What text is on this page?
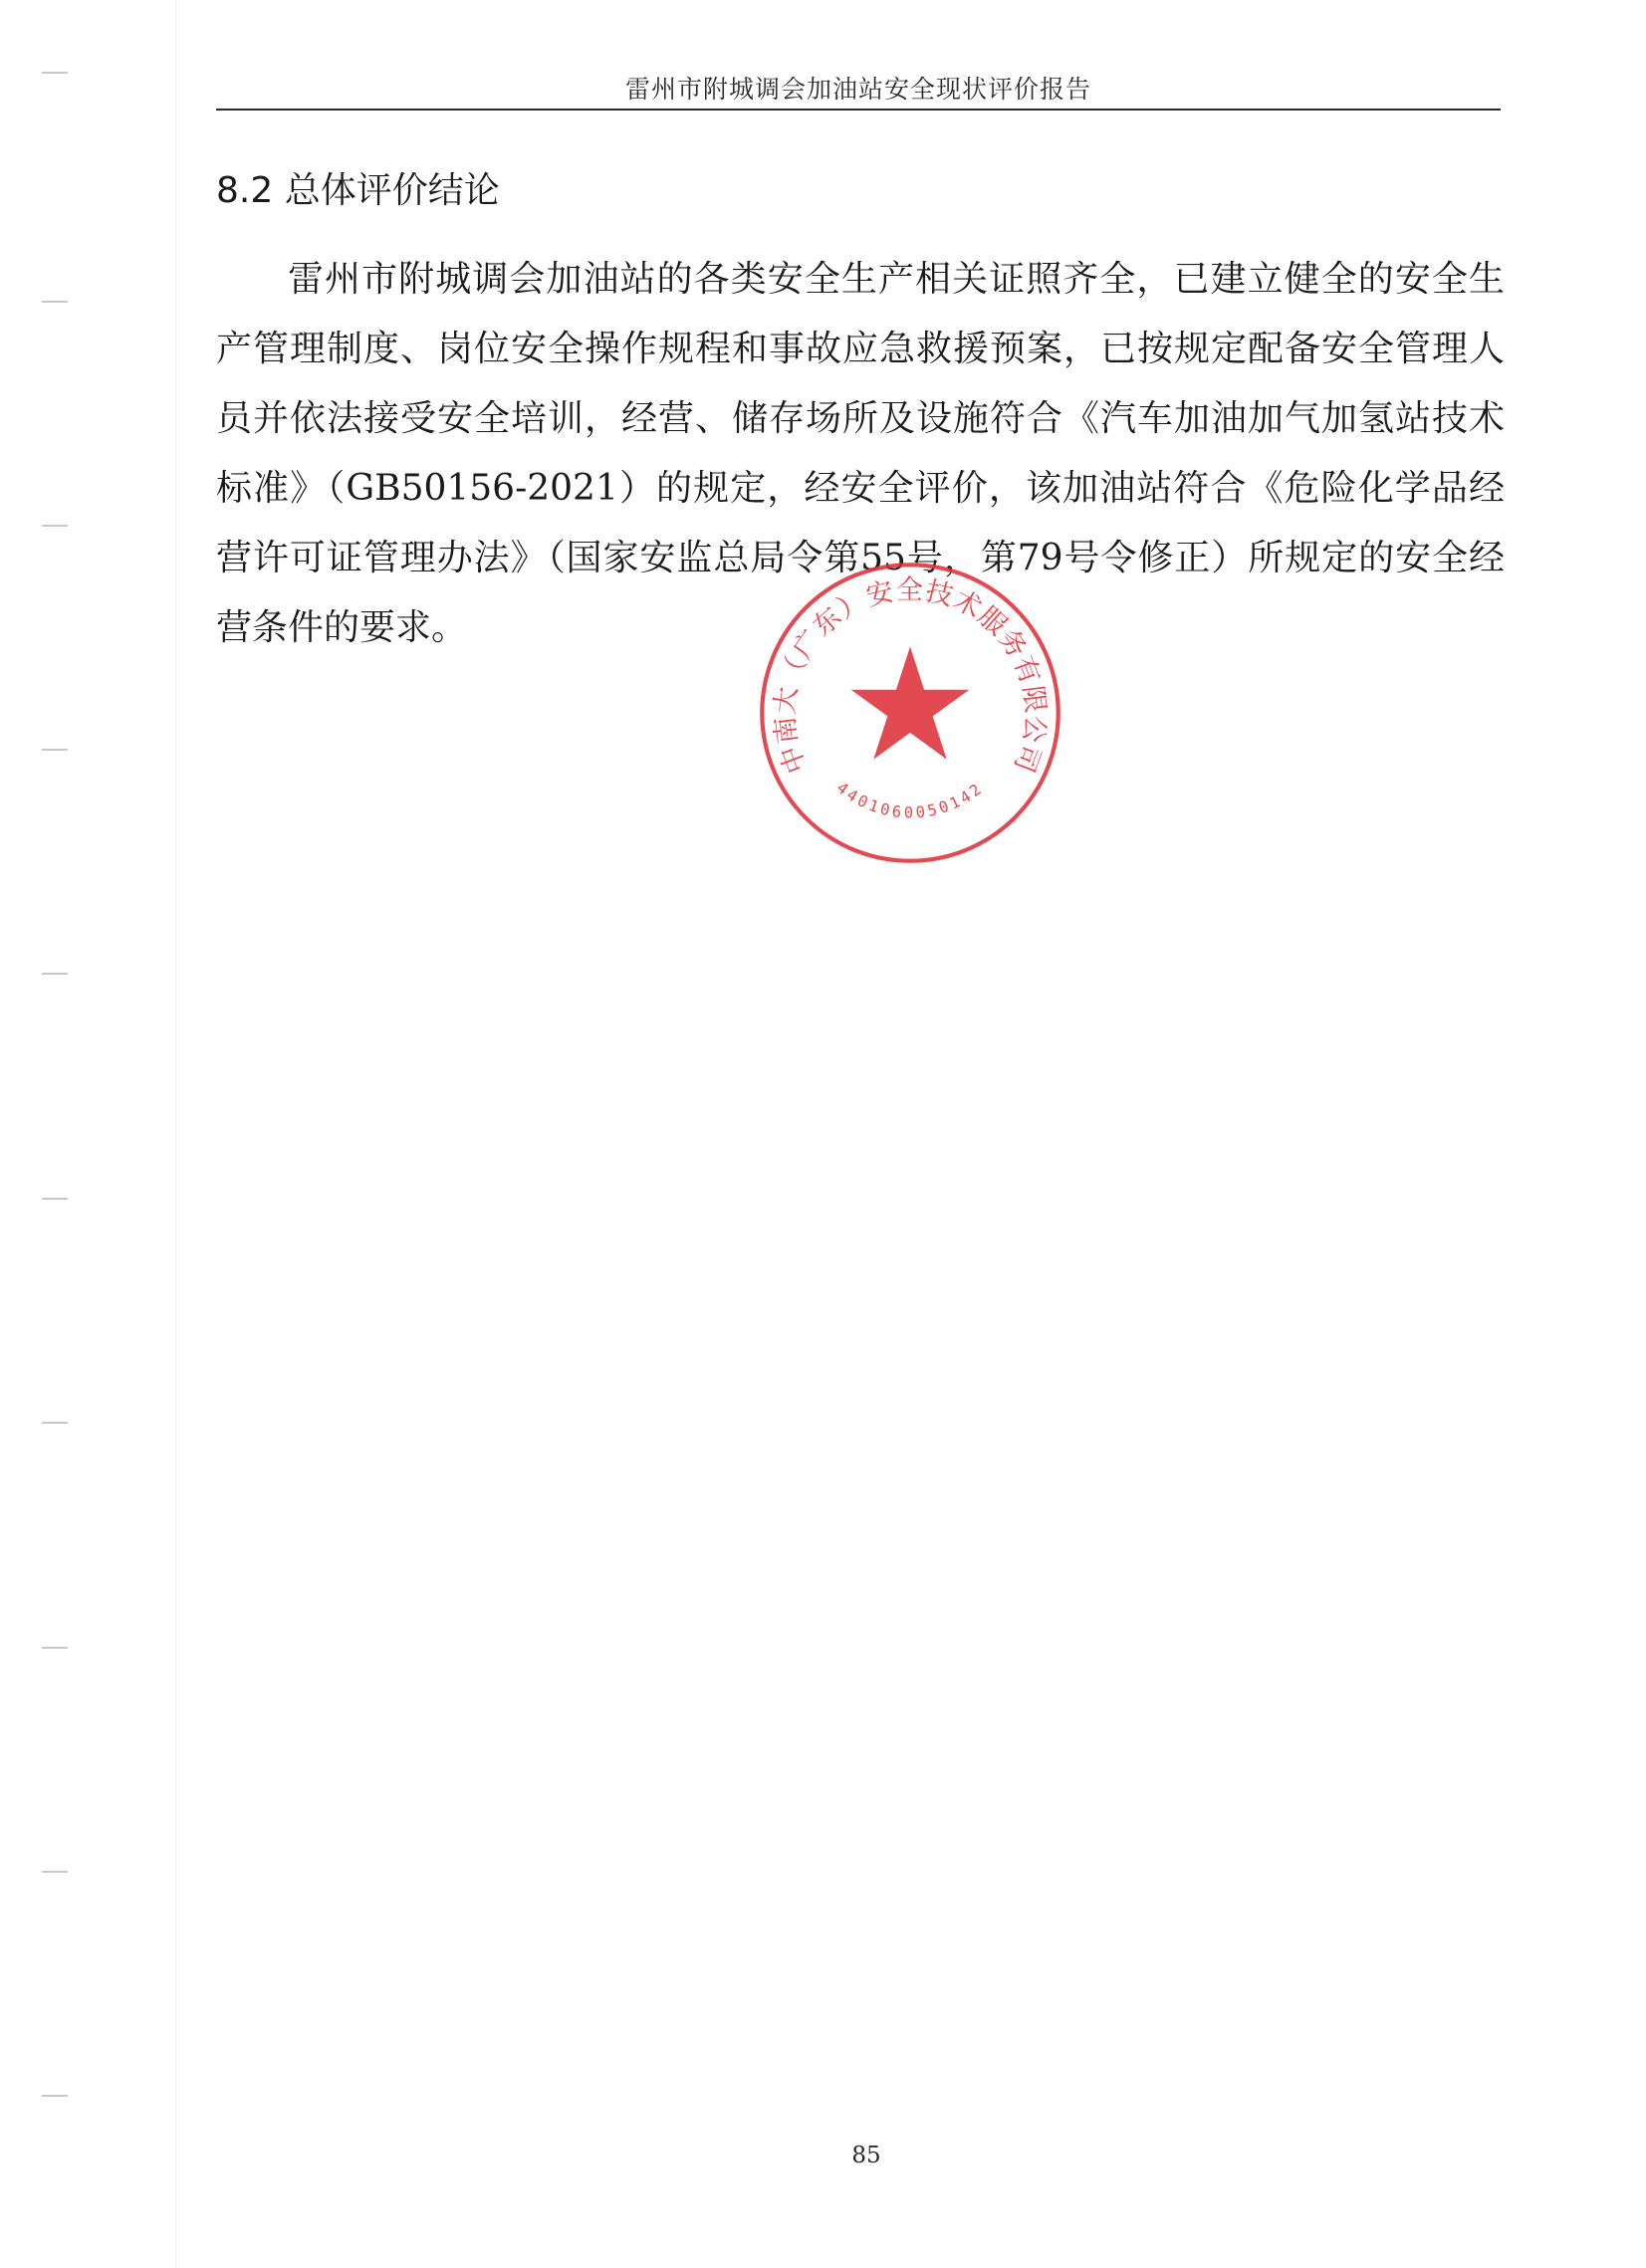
雷州市附城调会加油站安全现状评价报告
8.2 总体评价结论

雷州市附城调会加油站的各类安全生产相关证照齐全，已建立健全的安全生产管理制度、岗位安全操作规程和事故应急救援预案，已按规定配备安全管理人员并依法接受安全培训，经营、储存场所及设施符合《汽车加油加气加氢站技术标准》（GB50156-2021）的规定，经安全评价，该加油站符合《危险化学品经营许可证管理办法》（国家安监总局令第55号，第79号令修正）所规定的安全经营条件的要求。

中南大（广东）安全技术服务有限公司
4401060050142
85
